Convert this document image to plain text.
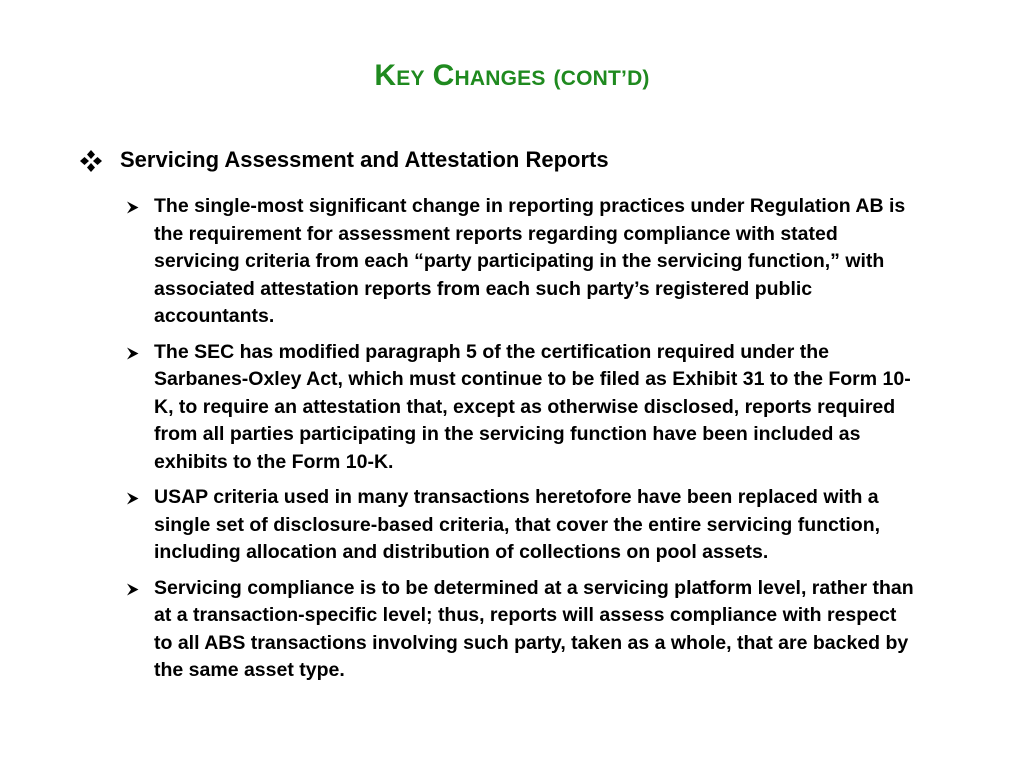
KEY CHANGES (CONT’D)
Servicing Assessment and Attestation Reports
The single-most significant change in reporting practices under Regulation AB is the requirement for assessment reports regarding compliance with stated servicing criteria from each “party participating in the servicing function,” with associated attestation reports from each such party’s registered public accountants.
The SEC has modified paragraph 5 of the certification required under the Sarbanes-Oxley Act, which must continue to be filed as Exhibit 31 to the Form 10-K, to require an attestation that, except as otherwise disclosed, reports required from all parties participating in the servicing function have been included as exhibits to the Form 10-K.
USAP criteria used in many transactions heretofore have been replaced with a single set of disclosure-based criteria, that cover the entire servicing function, including allocation and distribution of collections on pool assets.
Servicing compliance is to be determined at a servicing platform level, rather than at a transaction-specific level; thus, reports will assess compliance with respect to all ABS transactions involving such party, taken as a whole, that are backed by the same asset type.
